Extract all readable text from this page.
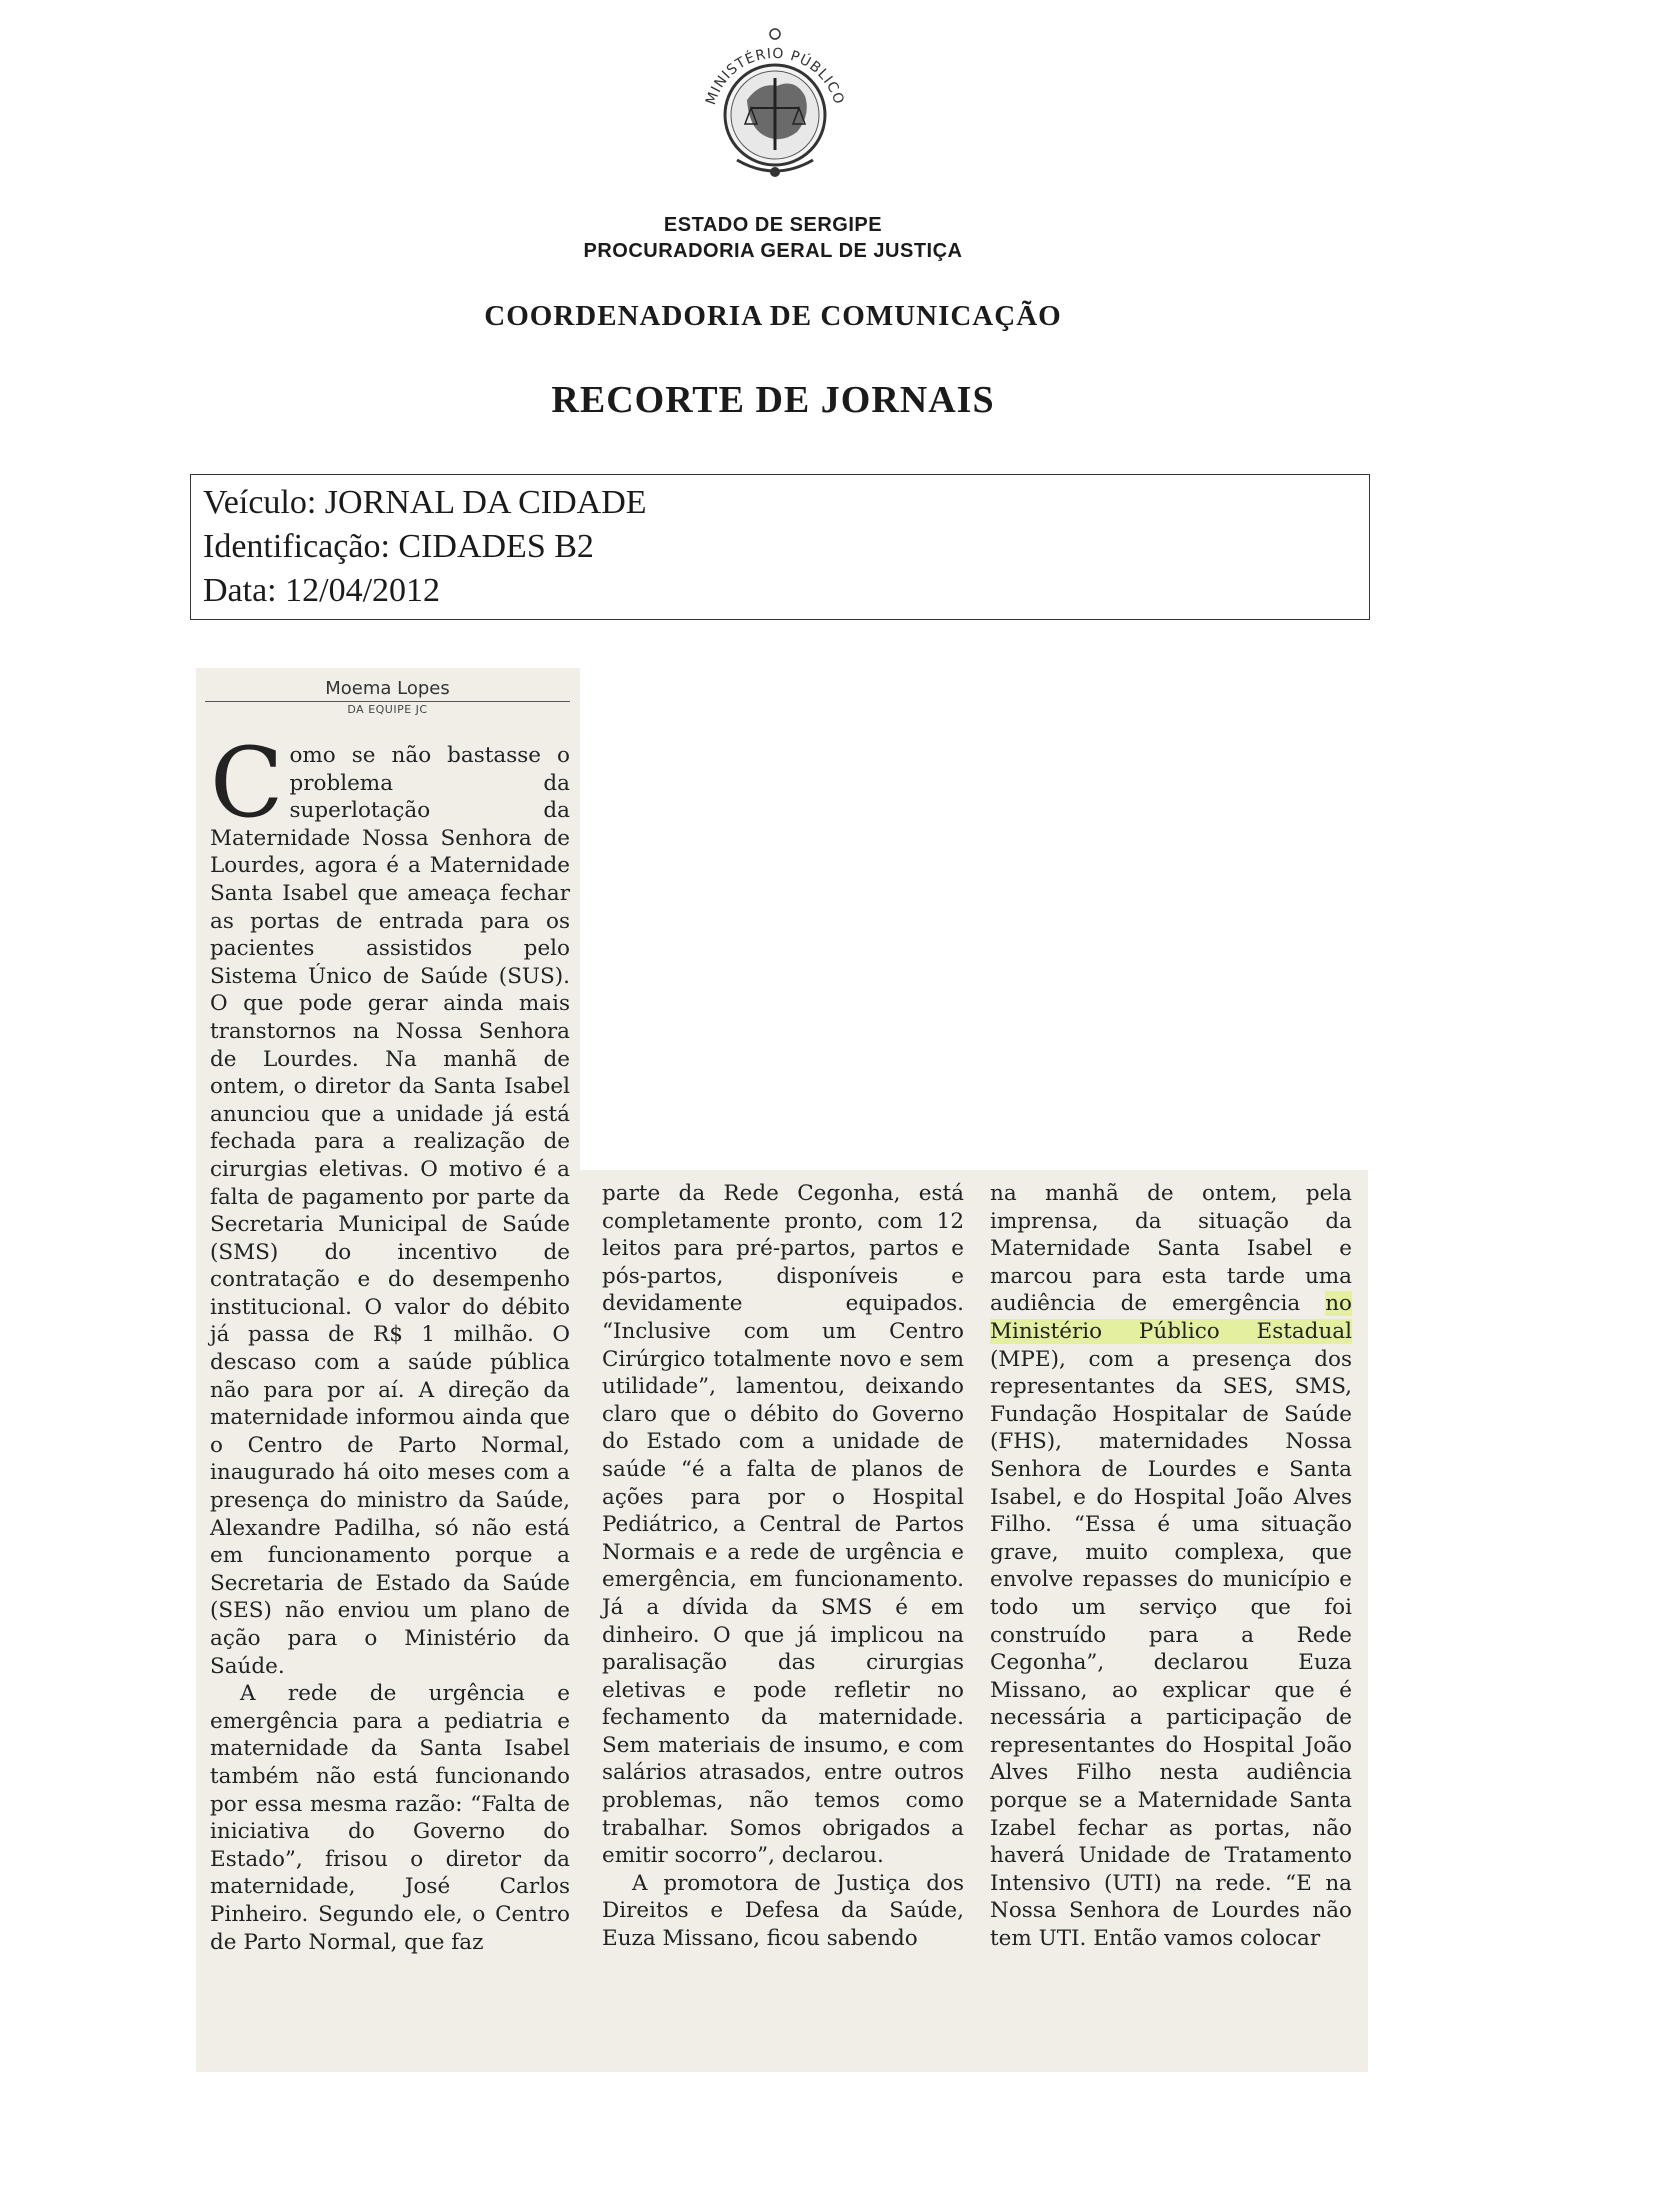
MINISTÉRIO PÚBLICO
ESTADO DE SERGIPE
PROCURADORIA GERAL DE JUSTIÇA
COORDENADORIA DE COMUNICAÇÃO
RECORTE DE JORNAIS
Veículo: JORNAL DA CIDADE
Identificação: CIDADES B2
Data: 12/04/2012
Moema Lopes
DA EQUIPE JC

Como se não bastasse o problema da superlotação da Maternidade Nossa Senhora de Lourdes, agora é a Maternidade Santa Isabel que ameaça fechar as portas de entrada para os pacientes assistidos pelo Sistema Único de Saúde (SUS). O que pode gerar ainda mais transtornos na Nossa Senhora de Lourdes. Na manhã de ontem, o diretor da Santa Isabel anunciou que a unidade já está fechada para a realização de cirurgias eletivas. O motivo é a falta de pagamento por parte da Secretaria Municipal de Saúde (SMS) do incentivo de contratação e do desempenho institucional. O valor do débito já passa de R$ 1 milhão. O descaso com a saúde pública não para por aí. A direção da maternidade informou ainda que o Centro de Parto Normal, inaugurado há oito meses com a presença do ministro da Saúde, Alexandre Padilha, só não está em funcionamento porque a Secretaria de Estado da Saúde (SES) não enviou um plano de ação para o Ministério da Saúde.

A rede de urgência e emergência para a pediatria e maternidade da Santa Isabel também não está funcionando por essa mesma razão: “Falta de iniciativa do Governo do Estado”, frisou o diretor da maternidade, José Carlos Pinheiro. Segundo ele, o Centro de Parto Normal, que faz

parte da Rede Cegonha, está completamente pronto, com 12 leitos para pré-partos, partos e pós-partos, disponíveis e devidamente equipados. “Inclusive com um Centro Cirúrgico totalmente novo e sem utilidade”, lamentou, deixando claro que o débito do Governo do Estado com a unidade de saúde “é a falta de planos de ações para por o Hospital Pediátrico, a Central de Partos Normais e a rede de urgência e emergência, em funcionamento. Já a dívida da SMS é em dinheiro. O que já implicou na paralisação das cirurgias eletivas e pode refletir no fechamento da maternidade. Sem materiais de insumo, e com salários atrasados, entre outros problemas, não temos como trabalhar. Somos obrigados a emitir socorro”, declarou.

A promotora de Justiça dos Direitos e Defesa da Saúde, Euza Missano, ficou sabendo

na manhã de ontem, pela imprensa, da situação da Maternidade Santa Isabel e marcou para esta tarde uma audiência de emergência no Ministério Público Estadual (MPE), com a presença dos representantes da SES, SMS, Fundação Hospitalar de Saúde (FHS), maternidades Nossa Senhora de Lourdes e Santa Isabel, e do Hospital João Alves Filho. “Essa é uma situação grave, muito complexa, que envolve repasses do município e todo um serviço que foi construído para a Rede Cegonha”, declarou Euza Missano, ao explicar que é necessária a participação de representantes do Hospital João Alves Filho nesta audiência porque se a Maternidade Santa Izabel fechar as portas, não haverá Unidade de Tratamento Intensivo (UTI) na rede. “E na Nossa Senhora de Lourdes não tem UTI. Então vamos colocar
